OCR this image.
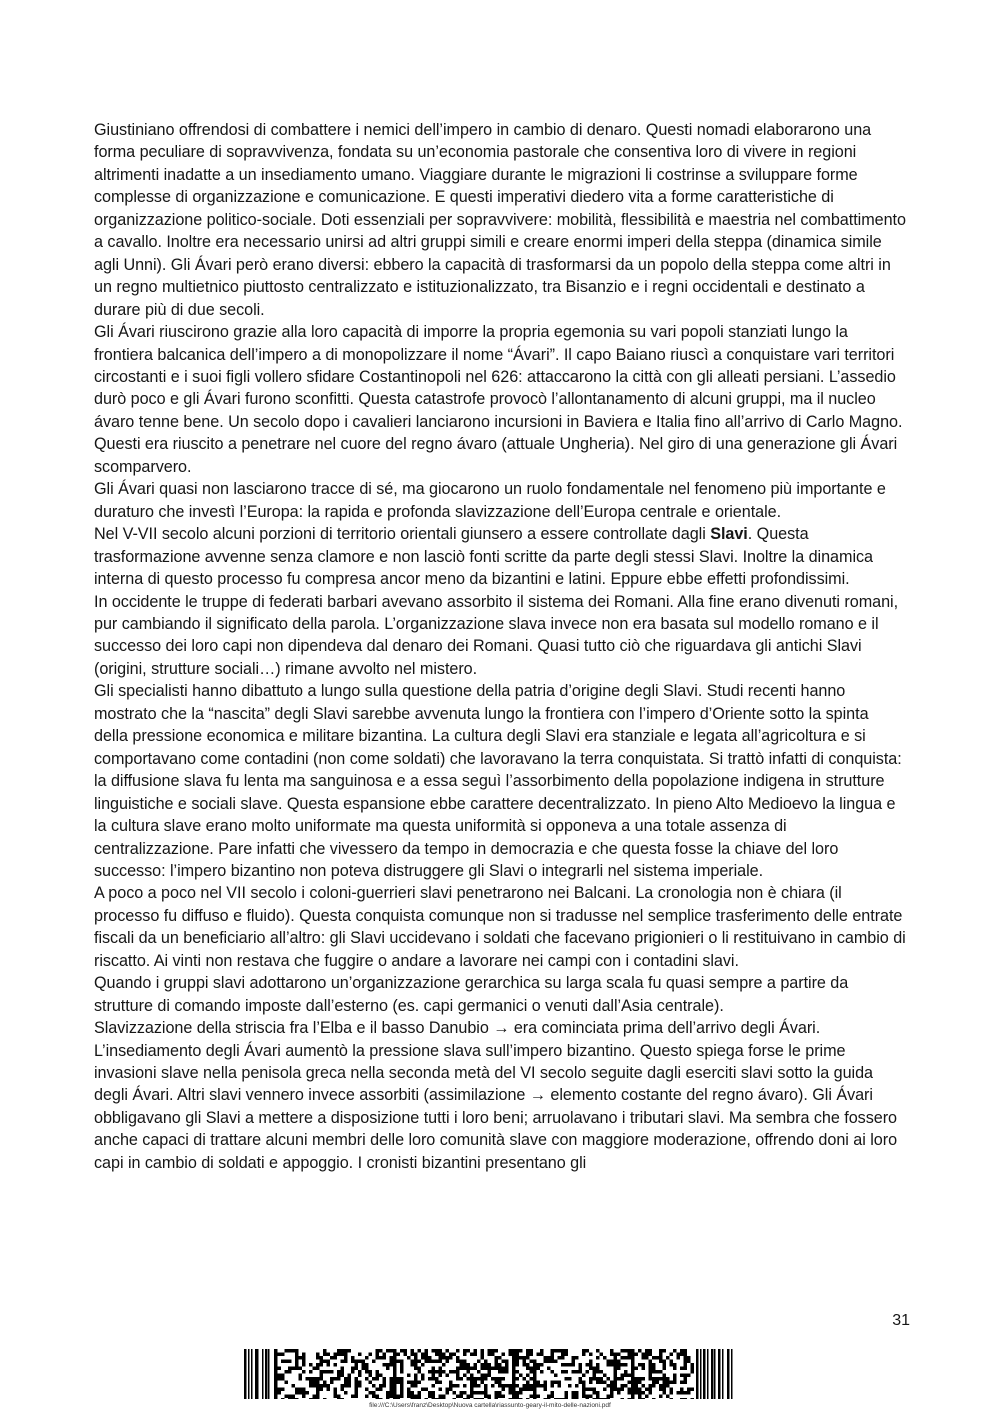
Giustiniano offrendosi di combattere i nemici dell’impero in cambio di denaro. Questi nomadi elaborarono una forma peculiare di sopravvivenza, fondata su un’economia pastorale che consentiva loro di vivere in regioni altrimenti inadatte a un insediamento umano. Viaggiare durante le migrazioni li costrinse a sviluppare forme complesse di organizzazione e comunicazione. E questi imperativi diedero vita a forme caratteristiche di organizzazione politico-sociale. Doti essenziali per sopravvivere: mobilità, flessibilità e maestria nel combattimento a cavallo. Inoltre era necessario unirsi ad altri gruppi simili e creare enormi imperi della steppa (dinamica simile agli Unni). Gli Ávari però erano diversi: ebbero la capacità di trasformarsi da un popolo della steppa come altri in un regno multietnico piuttosto centralizzato e istituzionalizzato, tra Bisanzio e i regni occidentali e destinato a durare più di due secoli.

Gli Ávari riuscirono grazie alla loro capacità di imporre la propria egemonia su vari popoli stanziati lungo la frontiera balcanica dell’impero a di monopolizzare il nome “Ávari”. Il capo Baiano riuscì a conquistare vari territori circostanti e i suoi figli vollero sfidare Costantinopoli nel 626: attaccarono la città con gli alleati persiani. L’assedio durò poco e gli Ávari furono sconfitti. Questa catastrofe provocò l’allontanamento di alcuni gruppi, ma il nucleo ávaro tenne bene. Un secolo dopo i cavalieri lanciarono incursioni in Baviera e Italia fino all’arrivo di Carlo Magno. Questi era riuscito a penetrare nel cuore del regno ávaro (attuale Ungheria). Nel giro di una generazione gli Ávari scomparvero.

Gli Ávari quasi non lasciarono tracce di sé, ma giocarono un ruolo fondamentale nel fenomeno più importante e duraturo che investì l’Europa: la rapida e profonda slavizzazione dell’Europa centrale e orientale.

Nel V-VII secolo alcuni porzioni di territorio orientali giunsero a essere controllate dagli Slavi. Questa trasformazione avvenne senza clamore e non lasciò fonti scritte da parte degli stessi Slavi. Inoltre la dinamica interna di questo processo fu compresa ancor meno da bizantini e latini. Eppure ebbe effetti profondissimi.

In occidente le truppe di federati barbari avevano assorbito il sistema dei Romani. Alla fine erano divenuti romani, pur cambiando il significato della parola. L’organizzazione slava invece non era basata sul modello romano e il successo dei loro capi non dipendeva dal denaro dei Romani. Quasi tutto ciò che riguardava gli antichi Slavi (origini, strutture sociali…) rimane avvolto nel mistero.

Gli specialisti hanno dibattuto a lungo sulla questione della patria d’origine degli Slavi. Studi recenti hanno mostrato che la “nascita” degli Slavi sarebbe avvenuta lungo la frontiera con l’impero d’Oriente sotto la spinta della pressione economica e militare bizantina. La cultura degli Slavi era stanziale e legata all’agricoltura e si comportavano come contadini (non come soldati) che lavoravano la terra conquistata. Si trattò infatti di conquista: la diffusione slava fu lenta ma sanguinosa e a essa seguì l’assorbimento della popolazione indigena in strutture linguistiche e sociali slave. Questa espansione ebbe carattere decentralizzato. In pieno Alto Medioevo la lingua e la cultura slave erano molto uniformate ma questa uniformità si opponeva a una totale assenza di centralizzazione. Pare infatti che vivessero da tempo in democrazia e che questa fosse la chiave del loro successo: l’impero bizantino non poteva distruggere gli Slavi o integrarli nel sistema imperiale.

A poco a poco nel VII secolo i coloni-guerrieri slavi penetrarono nei Balcani. La cronologia non è chiara (il processo fu diffuso e fluido). Questa conquista comunque non si tradusse nel semplice trasferimento delle entrate fiscali da un beneficiario all’altro: gli Slavi uccidevano i soldati che facevano prigionieri o li restituivano in cambio di riscatto. Ai vinti non restava che fuggire o andare a lavorare nei campi con i contadini slavi.

Quando i gruppi slavi adottarono un’organizzazione gerarchica su larga scala fu quasi sempre a partire da strutture di comando imposte dall’esterno (es. capi germanici o venuti dall’Asia centrale).

Slavizzazione della striscia fra l’Elba e il basso Danubio → era cominciata prima dell’arrivo degli Ávari. L’insediamento degli Ávari aumentò la pressione slava sull’impero bizantino. Questo spiega forse le prime invasioni slave nella penisola greca nella seconda metà del VI secolo seguite dagli eserciti slavi sotto la guida degli Ávari. Altri slavi vennero invece assorbiti (assimilazione → elemento costante del regno ávaro). Gli Ávari obbligavano gli Slavi a mettere a disposizione tutti i loro beni; arruolavano i tributari slavi. Ma sembra che fossero anche capaci di trattare alcuni membri delle loro comunità slave con maggiore moderazione, offrendo doni ai loro capi in cambio di soldati e appoggio. I cronisti bizantini presentano gli

31
file:///C:\Users\franz\Desktop\Nuova cartella\riassunto-geary-il-mito-delle-nazioni.pdf
